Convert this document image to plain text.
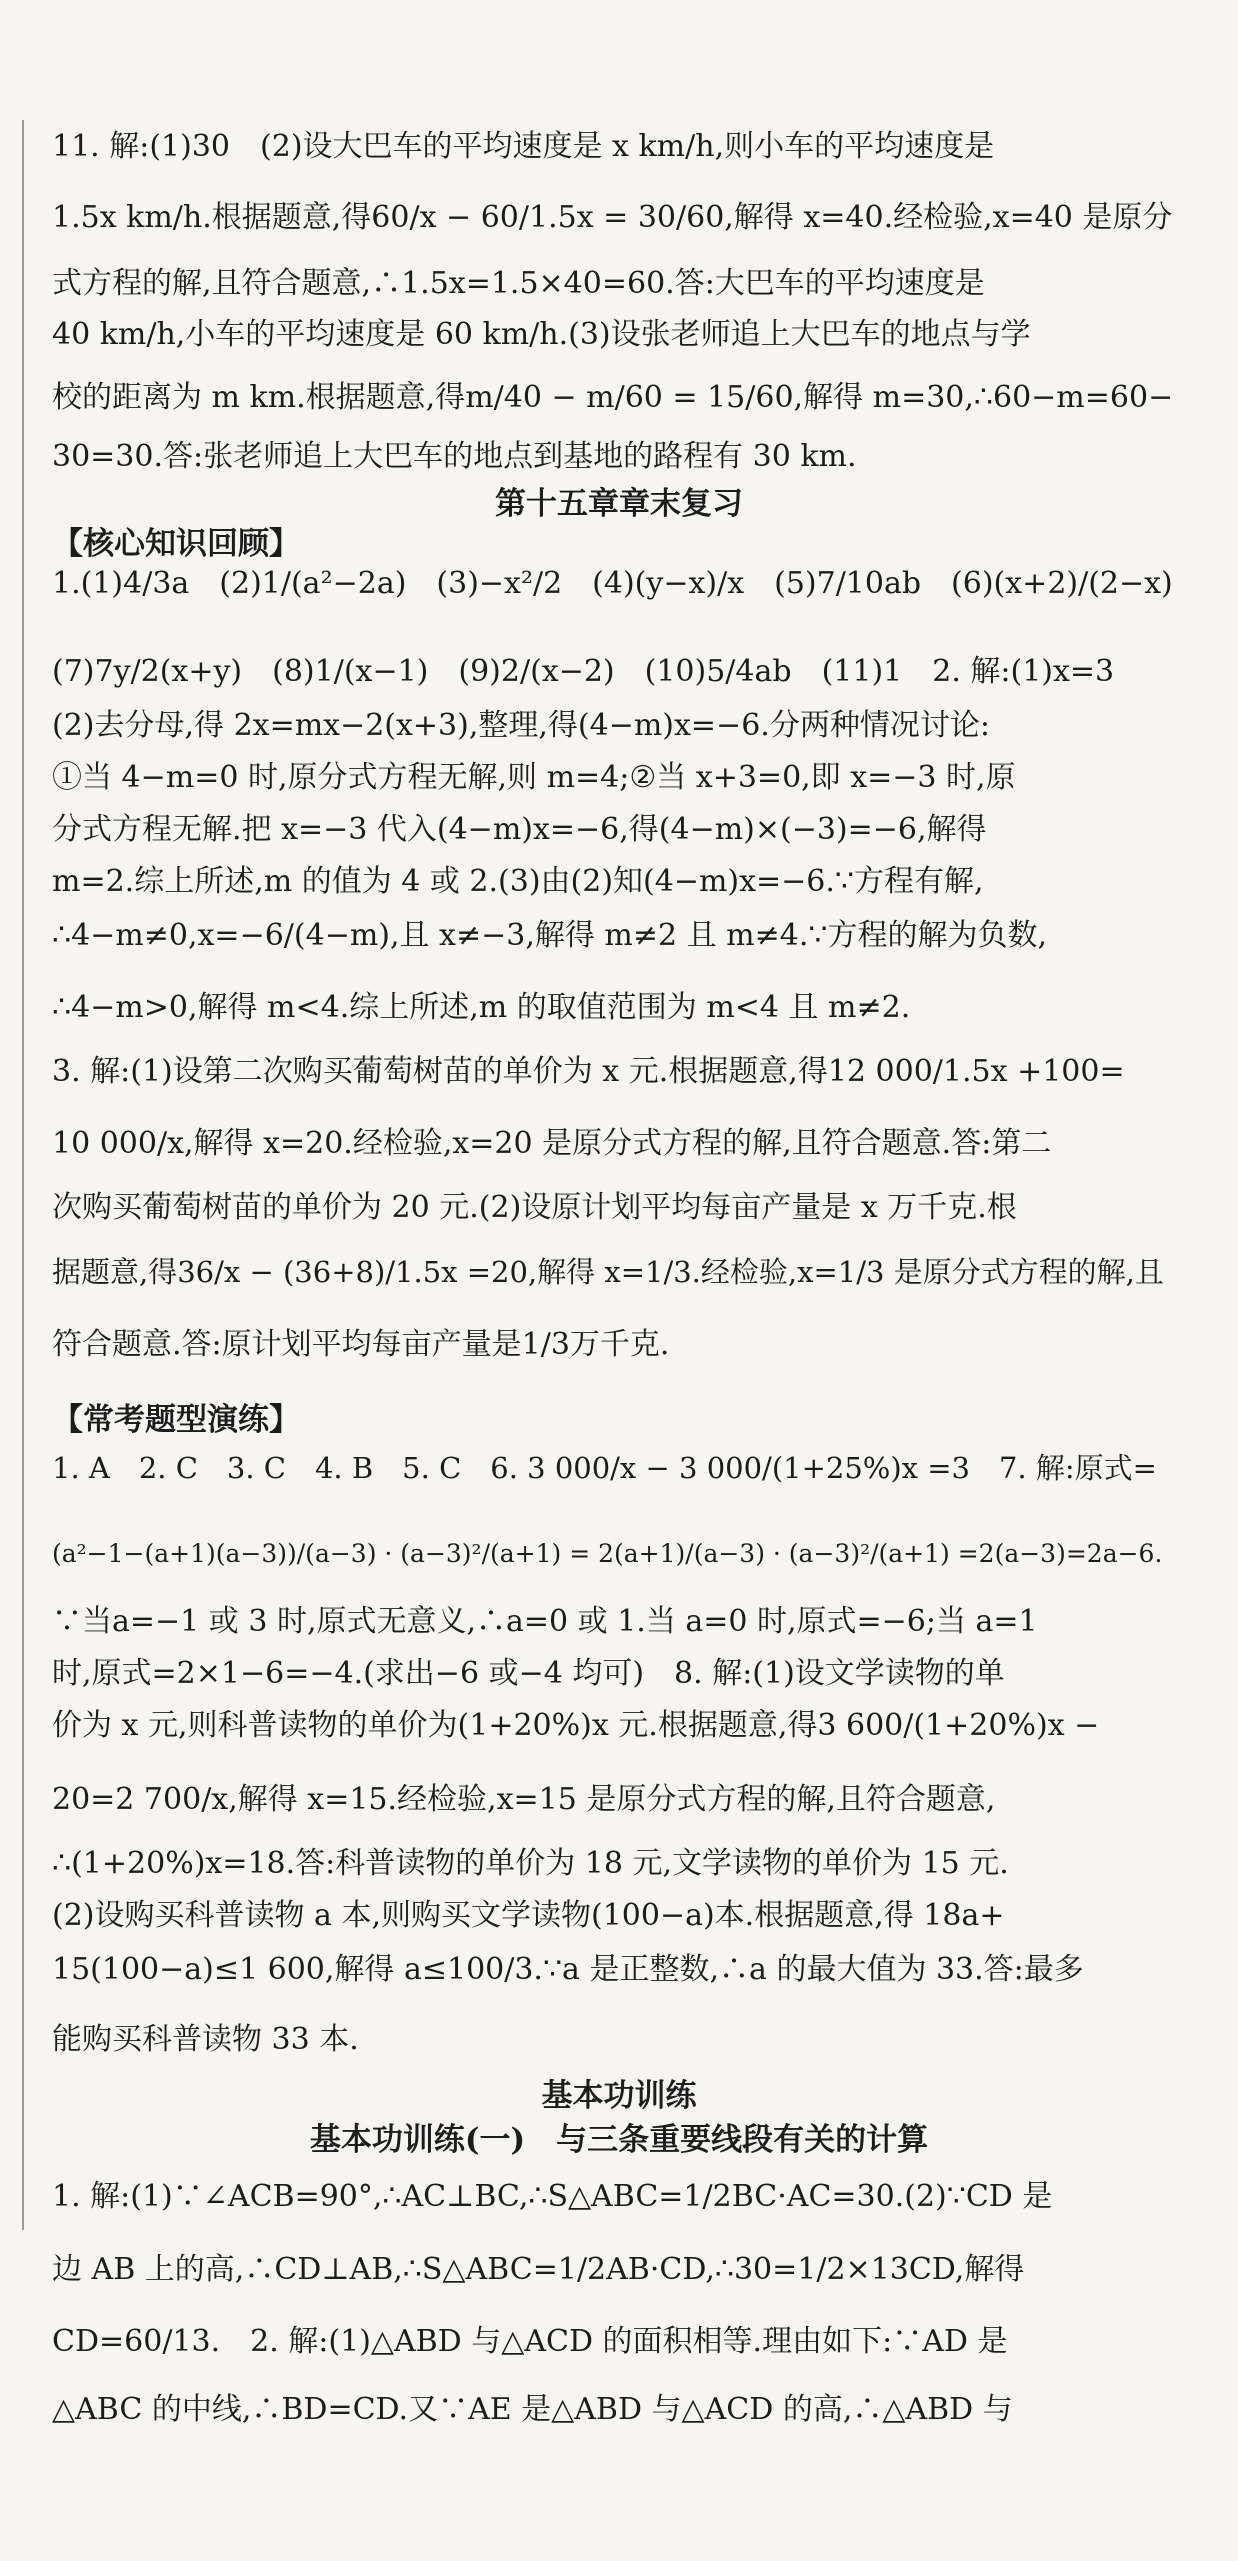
第十五章章末复习
【核心知识回顾】
【常考题型演练】
基本功训练
基本功训练(一)　与三条重要线段有关的计算
11. 解:(1)30　(2)设大巴车的平均速度是 x km/h,则小车的平均速度是
1.5x km/h.根据题意,得60/x − 60/1.5x = 30/60,解得 x=40.经检验,x=40 是原分
式方程的解,且符合题意,∴1.5x=1.5×40=60.答:大巴车的平均速度是
40 km/h,小车的平均速度是 60 km/h.(3)设张老师追上大巴车的地点与学
校的距离为 m km.根据题意,得m/40 − m/60 = 15/60,解得 m=30,∴60−m=60−
30=30.答:张老师追上大巴车的地点到基地的路程有 30 km.
1.(1)4/3a　(2)1/(a²−2a)　(3)−x²/2　(4)(y−x)/x　(5)7/10ab　(6)(x+2)/(2−x)
(7)7y/2(x+y)　(8)1/(x−1)　(9)2/(x−2)　(10)5/4ab　(11)1　2. 解:(1)x=3
(2)去分母,得 2x=mx−2(x+3),整理,得(4−m)x=−6.分两种情况讨论:
①当 4−m=0 时,原分式方程无解,则 m=4;②当 x+3=0,即 x=−3 时,原
分式方程无解.把 x=−3 代入(4−m)x=−6,得(4−m)×(−3)=−6,解得
m=2.综上所述,m 的值为 4 或 2.(3)由(2)知(4−m)x=−6.∵方程有解,
∴4−m≠0,x=−6/(4−m),且 x≠−3,解得 m≠2 且 m≠4.∵方程的解为负数,
∴4−m>0,解得 m<4.综上所述,m 的取值范围为 m<4 且 m≠2.
3. 解:(1)设第二次购买葡萄树苗的单价为 x 元.根据题意,得12 000/1.5x +100=
10 000/x,解得 x=20.经检验,x=20 是原分式方程的解,且符合题意.答:第二
次购买葡萄树苗的单价为 20 元.(2)设原计划平均每亩产量是 x 万千克.根
据题意,得36/x − (36+8)/1.5x =20,解得 x=1/3.经检验,x=1/3 是原分式方程的解,且
符合题意.答:原计划平均每亩产量是1/3万千克.
1. A　2. C　3. C　4. B　5. C　6. 3 000/x − 3 000/(1+25%)x =3　7. 解:原式=
(a²−1−(a+1)(a−3))/(a−3) · (a−3)²/(a+1) = 2(a+1)/(a−3) · (a−3)²/(a+1) =2(a−3)=2a−6.
∵当a=−1 或 3 时,原式无意义,∴a=0 或 1.当 a=0 时,原式=−6;当 a=1
时,原式=2×1−6=−4.(求出−6 或−4 均可)　8. 解:(1)设文学读物的单
价为 x 元,则科普读物的单价为(1+20%)x 元.根据题意,得3 600/(1+20%)x −
20=2 700/x,解得 x=15.经检验,x=15 是原分式方程的解,且符合题意,
∴(1+20%)x=18.答:科普读物的单价为 18 元,文学读物的单价为 15 元.
(2)设购买科普读物 a 本,则购买文学读物(100−a)本.根据题意,得 18a+
15(100−a)≤1 600,解得 a≤100/3.∵a 是正整数,∴a 的最大值为 33.答:最多
能购买科普读物 33 本.
1. 解:(1)∵∠ACB=90°,∴AC⊥BC,∴S△ABC=1/2BC·AC=30.(2)∵CD 是
边 AB 上的高,∴CD⊥AB,∴S△ABC=1/2AB·CD,∴30=1/2×13CD,解得
CD=60/13.　2. 解:(1)△ABD 与△ACD 的面积相等.理由如下:∵AD 是
△ABC 的中线,∴BD=CD.又∵AE 是△ABD 与△ACD 的高,∴△ABD 与
